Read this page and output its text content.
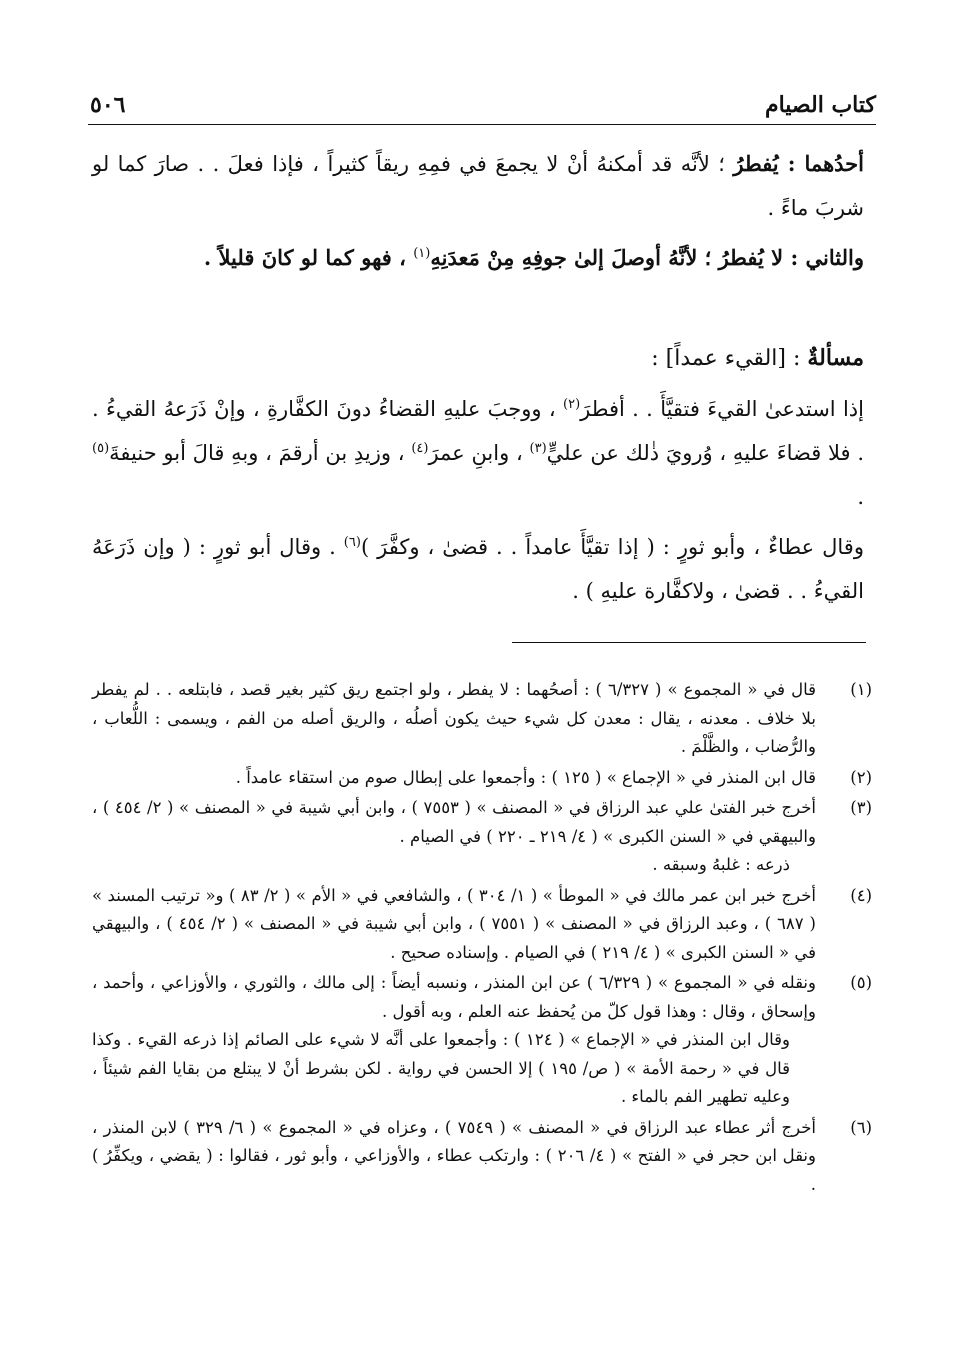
كتاب الصيام
٥٠٦

أحدُهما : يُفطرُ ؛ لأنَّه قد أمكنهُ أنْ لا يجمعَ في فمِهِ ريقاً كثيراً ، فإذا فعلَ . . صارَ كما لو شربَ ماءً .

والثاني : لا يُفطرُ ؛ لأنَّهُ أوصلَ إلىٰ جوفِهِ مِنْ مَعدَنِهِ$^{(١)}$ ، فهو كما لو كانَ قليلاً .

مسألةٌ : [القيء عمداً] :

إذا استدعىٰ القيءَ فتقيَّأَ . . أفطرَ$^{(٢)}$ ، ووجبَ عليهِ القضاءُ دونَ الكفَّارةِ ، وإنْ ذَرَعهُ القيءُ . . فلا قضاءَ عليهِ ، وُرويَ ذٰلك عن عليٍّ$^{(٣)}$ ، وابنِ عمرَ$^{(٤)}$ ، وزيدِ بن أرقمَ ، وبهِ قالَ أبو حنيفةَ$^{(٥)}$ .

وقال عطاءٌ ، وأبو ثورٍ : ( إذا تقيَّأَ عامداً . . قضىٰ ، وكفَّرَ )$^{(٦)}$ . وقال أبو ثورٍ : ( وإن ذَرَعَهُ القيءُ . . قضىٰ ، ولاكفَّارة عليهِ ) .

(١)

قال في « المجموع » ( ٦/٣٢٧ ) : أصحُهما : لا يفطر ، ولو اجتمع ريق كثير بغير قصد ، فابتلعه . . لم يفطر بلا خلاف . معدنه ، يقال : معدن كل شيء حيث يكون أصلُه ، والريق أصله من الفم ، ويسمى : اللُّعاب ، والرُّضاب ، والظَّلْمَ .

(٢)

قال ابن المنذر في « الإجماع » ( ١٢٥ ) : وأجمعوا على إبطال صوم من استقاء عامداً .

(٣)

أخرج خبر الفتىٰ علي عبد الرزاق في « المصنف » ( ٧٥٥٣ ) ، وابن أبي شيبة في « المصنف » ( ٢/ ٤٥٤ ) ، والبيهقي في « السنن الكبرى » ( ٤/ ٢١٩ ـ ٢٢٠ ) في الصيام .

ذرعه : غلبهُ وسبقه .

(٤)

أخرج خبر ابن عمر مالك في « الموطأ » ( ١/ ٣٠٤ ) ، والشافعي في « الأم » ( ٢/ ٨٣ ) و« ترتيب المسند » ( ٦٨٧ ) ، وعبد الرزاق في « المصنف » ( ٧٥٥١ ) ، وابن أبي شيبة في « المصنف » ( ٢/ ٤٥٤ ) ، والبيهقي في « السنن الكبرى » ( ٤/ ٢١٩ ) في الصيام . وإسناده صحيح .

(٥)

ونقله في « المجموع » ( ٦/٣٢٩ ) عن ابن المنذر ، ونسبه أيضاً : إلى مالك ، والثوري ، والأوزاعي ، وأحمد ، وإسحاق ، وقال : وهذا قول كلّ من يُحفظ عنه العلم ، وبه أقول .

وقال ابن المنذر في « الإجماع » ( ١٢٤ ) : وأجمعوا على أنَّه لا شيء على الصائم إذا ذرعه القيء . وكذا قال في « رحمة الأمة » ( ص/ ١٩٥ ) إلا الحسن في رواية . لكن بشرط أنْ لا يبتلع من بقايا الفم شيئاً ، وعليه تطهير الفم بالماء .

(٦)

أخرج أثر عطاء عبد الرزاق في « المصنف » ( ٧٥٤٩ ) ، وعزاه في « المجموع » ( ٦/ ٣٢٩ ) لابن المنذر ، ونقل ابن حجر في « الفتح » ( ٤/ ٢٠٦ ) : وارتكب عطاء ، والأوزاعي ، وأبو ثور ، فقالوا : ( يقضي ، ويكفِّرُ ) .
